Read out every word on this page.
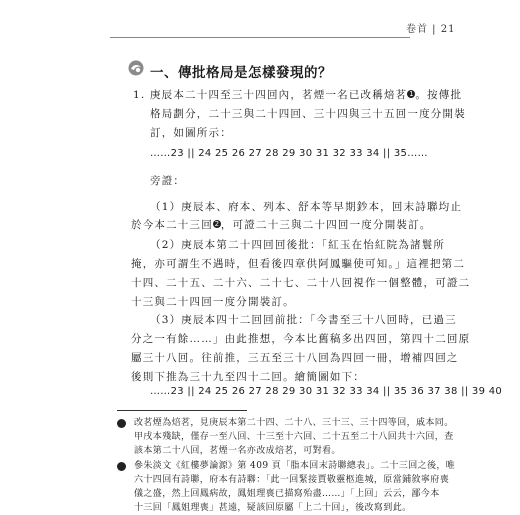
卷首 | 21
一、傳批格局是怎樣發現的？
1. 庚辰本二十四至三十四回內，茗煙一名已改稱焙茗 1 。按傳批
格局劃分，二十三與二十四回、三十四與三十五回一度分開裝
訂，如圖所示：
……23 || 24 25 26 27 28 29 30 31 32 33 34 || 35……
旁證：
（1）庚辰本、府本、列本、舒本等早期鈔本，回末詩聯均止
於今本二十三回 2 ，可證二十三與二十四回一度分開裝訂。
（2）庚辰本第二十四回回後批：「紅玉在怡紅院為諸鬟所
掩，亦可謂生不遇時，但看後四章供阿鳳驅使可知。」這裡把第二
十四、二十五、二十六、二十七、二十八回視作一個整體，可證二
十三與二十四回一度分開裝訂。
（3）庚辰本四十二回回前批：「今書至三十八回時，已過三
分之一有餘……」由此推想，今本比舊稿多出四回，第四十二回原
屬三十八回。往前推，三五至三十八回為四回一冊，增補四回之
後則下推為三十九至四十二回。繪簡圖如下：
……23 || 24 25 26 27 28 29 30 31 32 33 34 || 35 36 37 38 || 39 40
改茗煙為焙茗，見庚辰本第二十四、二十八、三十三、三十四等回，戚本同。
甲戌本殘缺，僅存一至八回、十三至十六回、二十五至二十八回共十六回，查
該本第二十八回，茗煙一名亦改成焙茗，可對看。
參朱淡文《紅樓夢論源》第 409 頁「脂本回末詩聯總表」。二十三回之後，唯
六十四回有詩聯，府本有詩聯：「此一回緊接賈敬靈柩進城，原當鋪敘寧府喪
儀之盛，然上回鳳病故，鳳姐理喪已描寫殆盡……」「上回」云云，鄙今本
十三回「鳳姐理喪」甚遠，疑該回原屬「上二十回」，後改寫到此。
